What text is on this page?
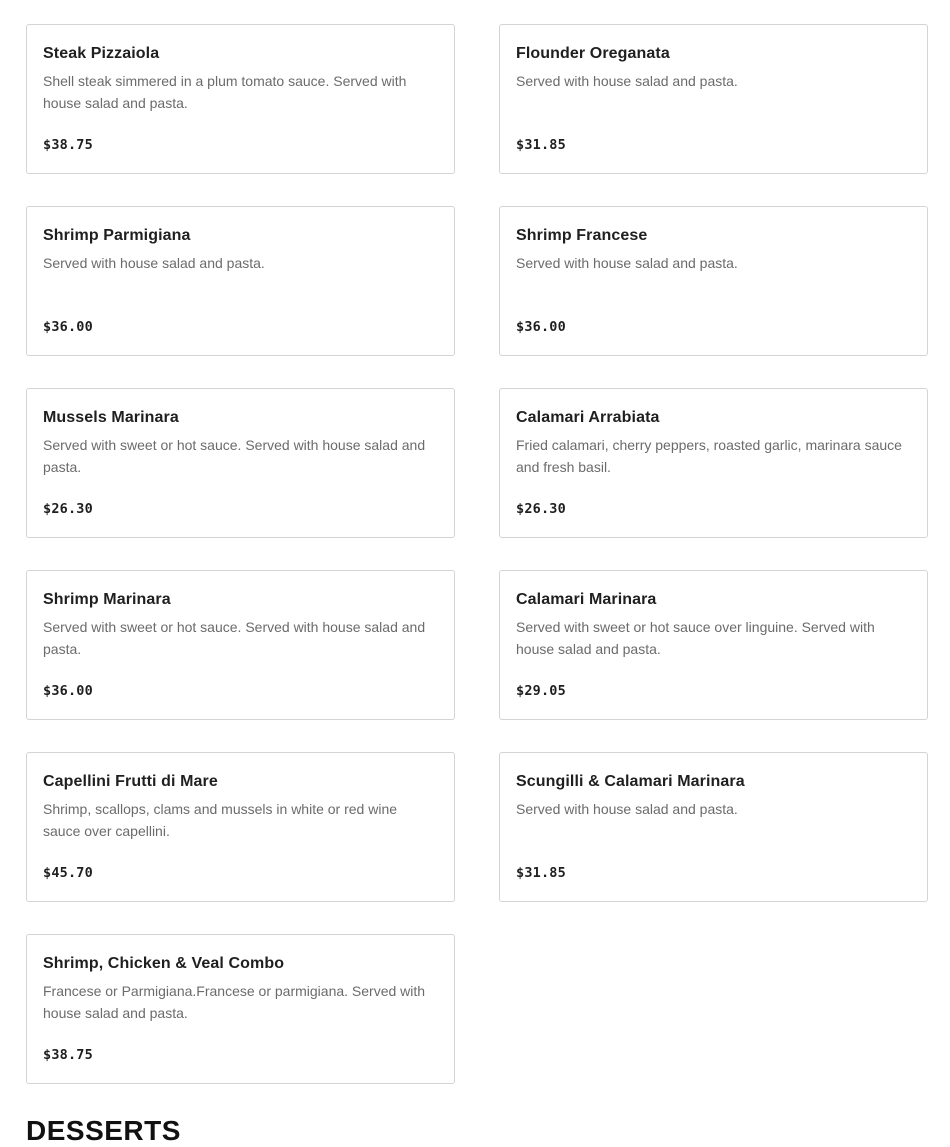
Steak Pizzaiola
Shell steak simmered in a plum tomato sauce. Served with house salad and pasta.
$38.75
Flounder Oreganata
Served with house salad and pasta.
$31.85
Shrimp Parmigiana
Served with house salad and pasta.
$36.00
Shrimp Francese
Served with house salad and pasta.
$36.00
Mussels Marinara
Served with sweet or hot sauce. Served with house salad and pasta.
$26.30
Calamari Arrabiata
Fried calamari, cherry peppers, roasted garlic, marinara sauce and fresh basil.
$26.30
Shrimp Marinara
Served with sweet or hot sauce. Served with house salad and pasta.
$36.00
Calamari Marinara
Served with sweet or hot sauce over linguine. Served with house salad and pasta.
$29.05
Capellini Frutti di Mare
Shrimp, scallops, clams and mussels in white or red wine sauce over capellini.
$45.70
Scungilli & Calamari Marinara
Served with house salad and pasta.
$31.85
Shrimp, Chicken & Veal Combo
Francese or Parmigiana.Francese or parmigiana. Served with house salad and pasta.
$38.75
DESSERTS
